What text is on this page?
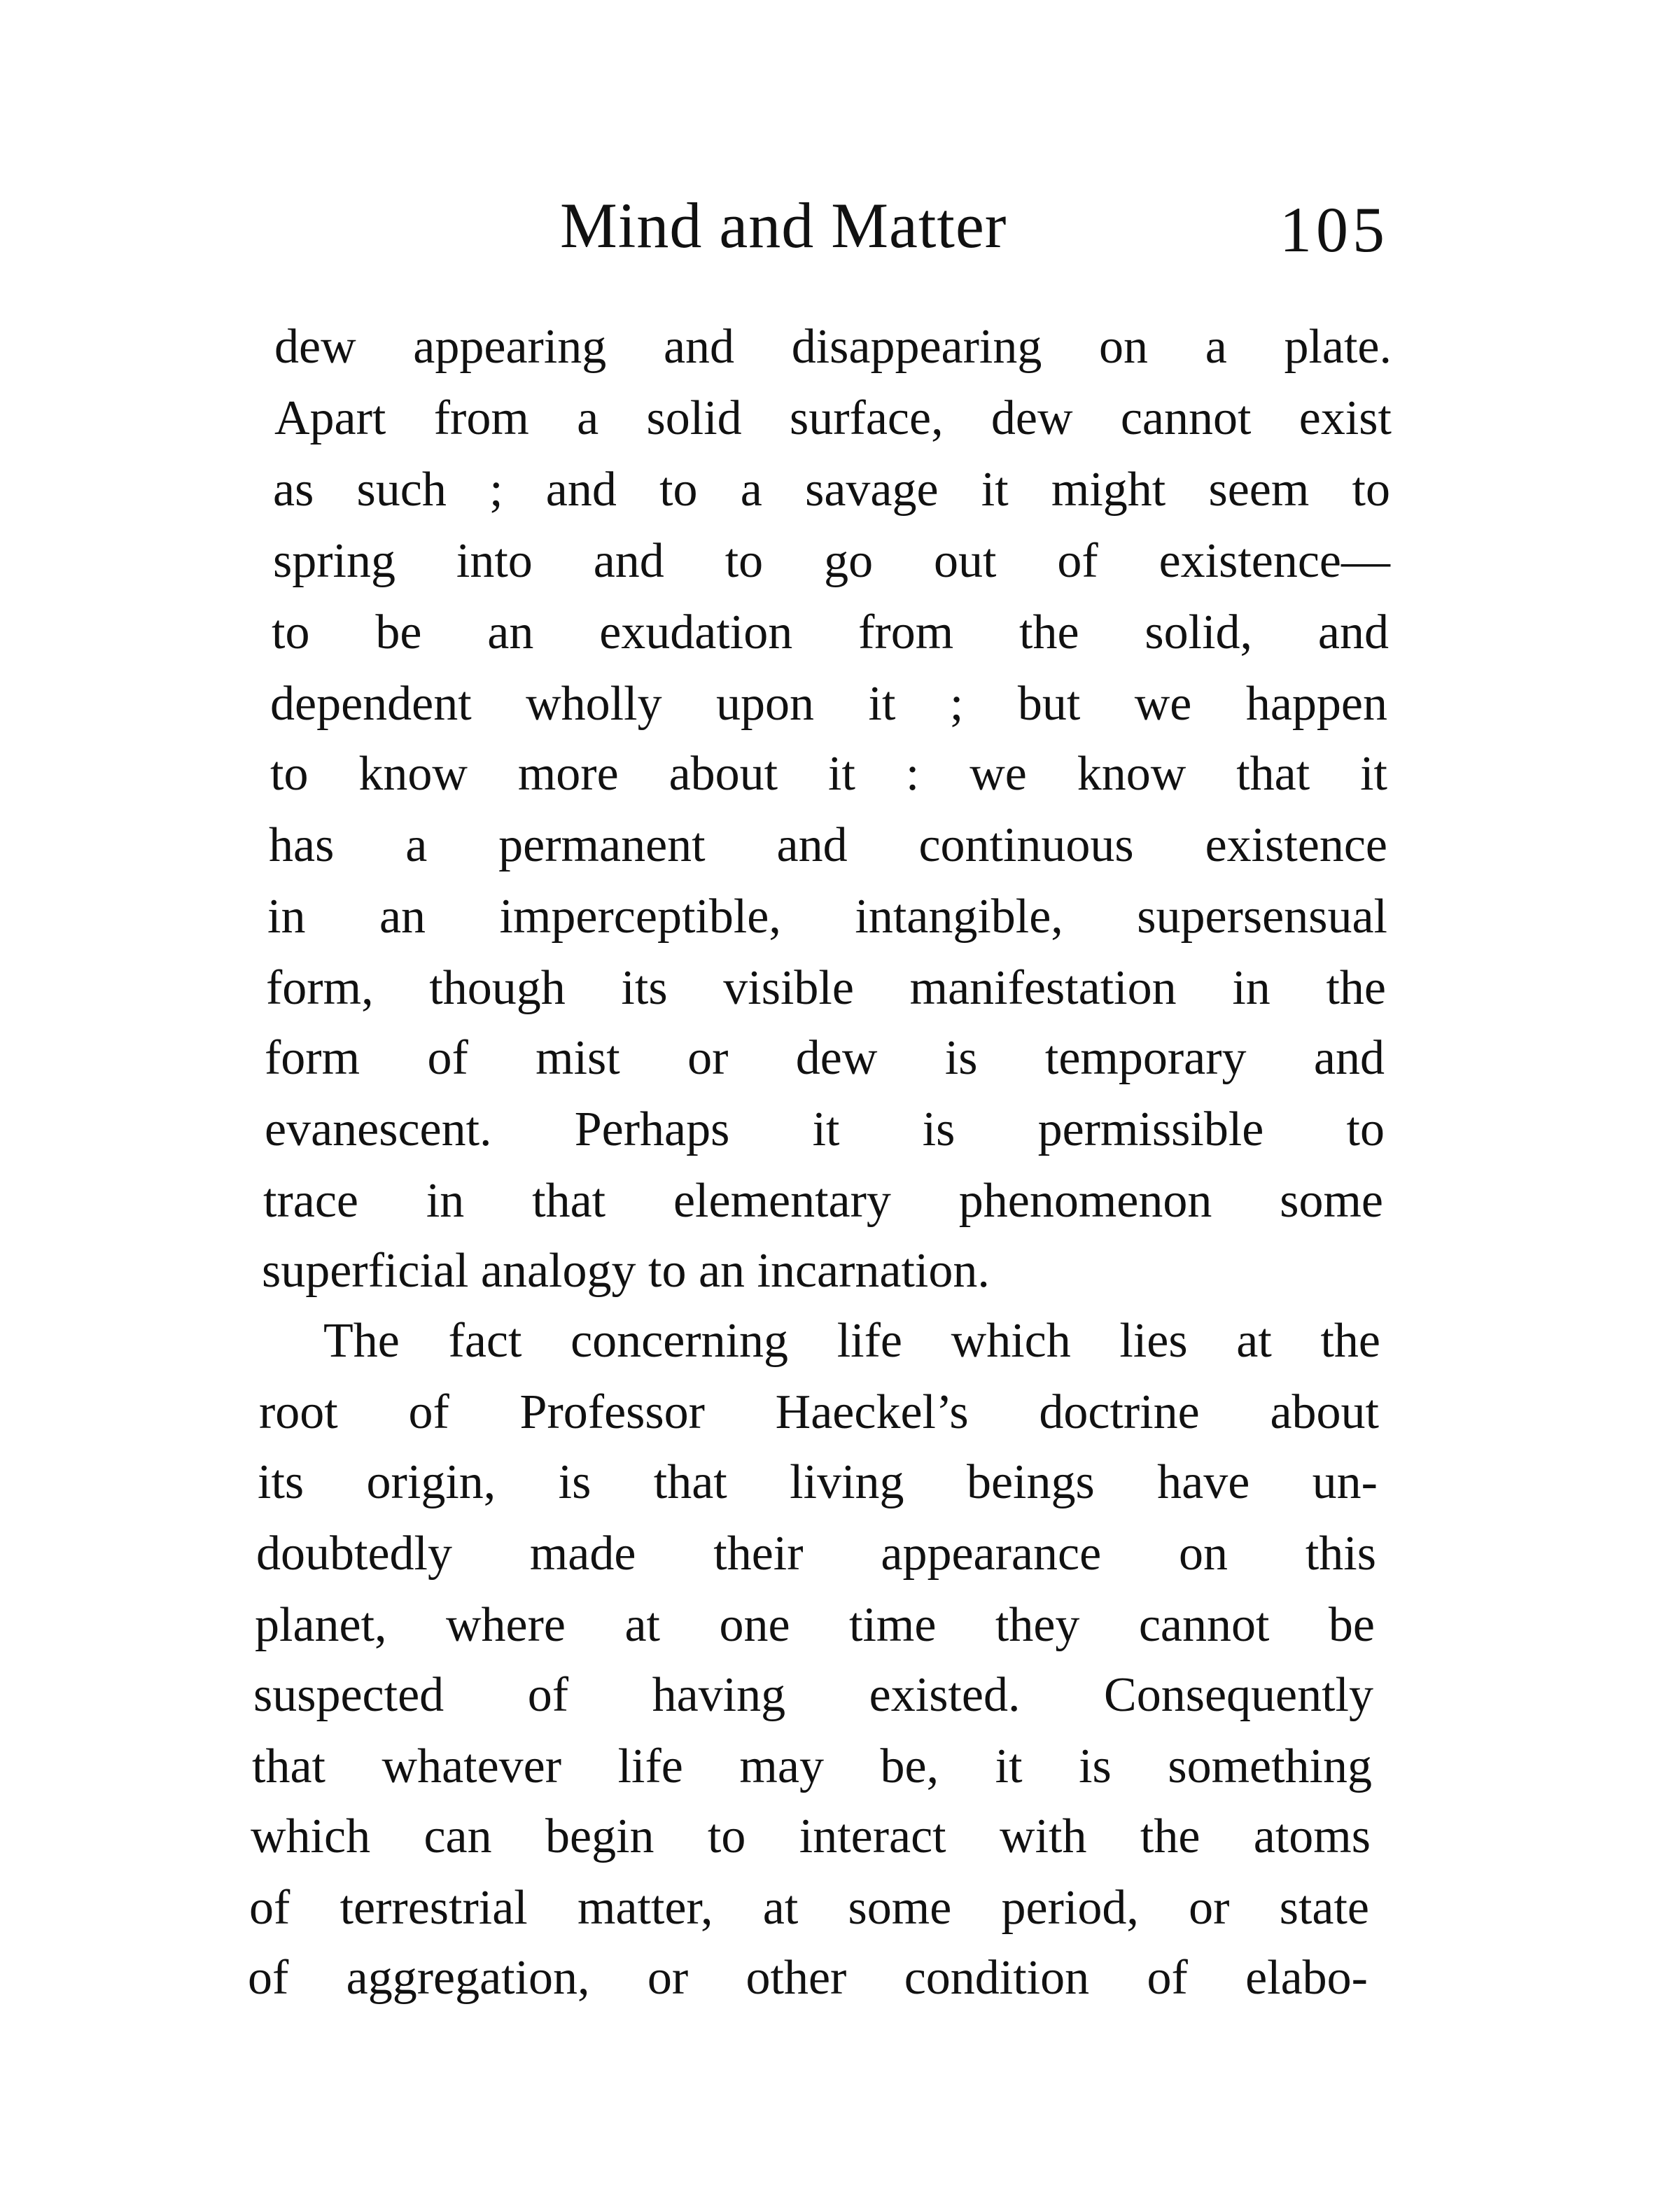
Mind and Matter	105
dew appearing and disappearing on a plate.
Apart from a solid surface, dew cannot exist
as such ; and to a savage it might seem to
spring into and to go out of existence—
to be an exudation from the solid, and
dependent wholly upon it ; but we happen
to know more about it : we know that it
has a permanent and continuous existence
in an imperceptible, intangible, supersensual
form, though its visible manifestation in the
form of mist or dew is temporary and
evanescent. Perhaps it is permissible to
trace in that elementary phenomenon some
superficial analogy to an incarnation.
The fact concerning life which lies at the
root of Professor Haeckel’s doctrine about
its origin, is that living beings have un-
doubtedly made their appearance on this
planet, where at one time they cannot be
suspected of having existed. Consequently
that whatever life may be, it is something
which can begin to interact with the atoms
of terrestrial matter, at some period, or state
of aggregation, or other condition of elabo-
